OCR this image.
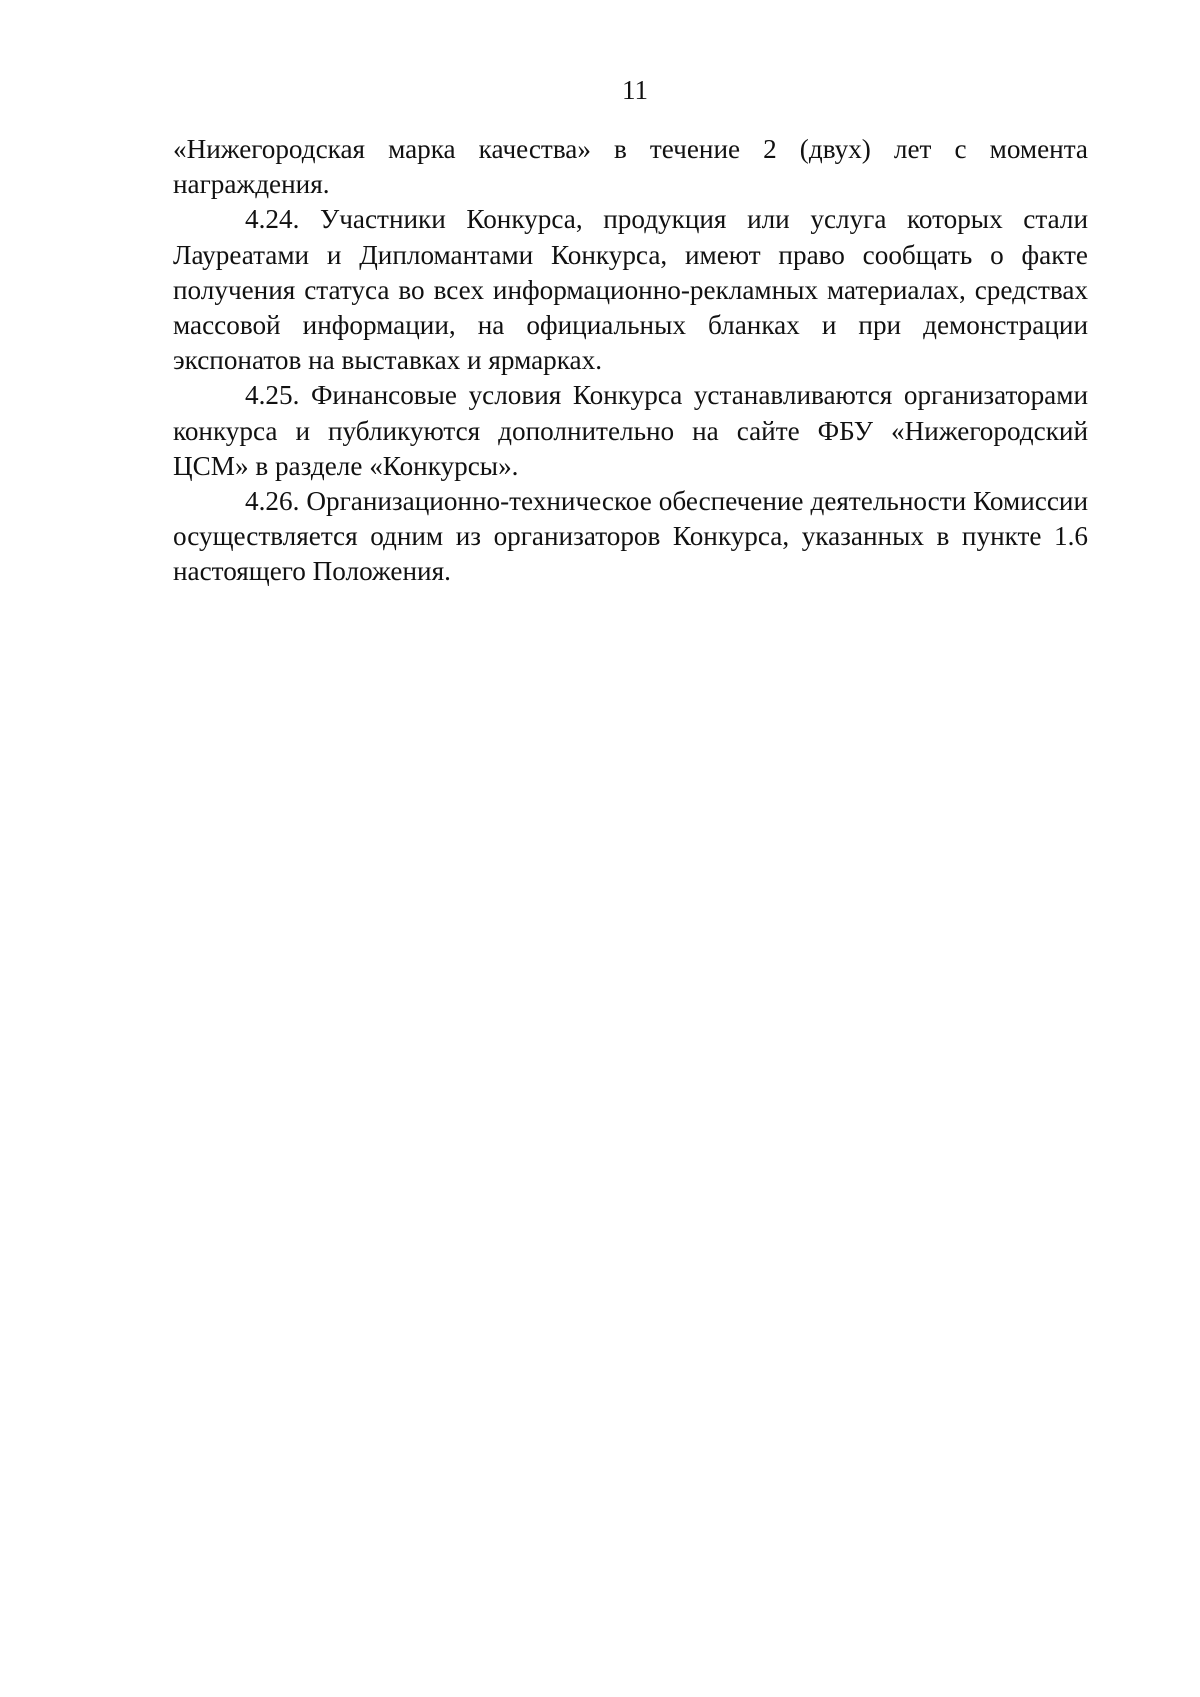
11

«Нижегородская марка качества» в течение 2 (двух) лет с момента награждения.

4.24. Участники Конкурса, продукция или услуга которых стали Лауреатами и Дипломантами Конкурса, имеют право сообщать о факте получения статуса во всех информационно-рекламных материалах, средствах массовой информации, на официальных бланках и при демонстрации экспонатов на выставках и ярмарках.

4.25. Финансовые условия Конкурса устанавливаются организаторами конкурса и публикуются дополнительно на сайте ФБУ «Нижегородский ЦСМ» в разделе «Конкурсы».

4.26. Организационно-техническое обеспечение деятельности Комиссии осуществляется одним из организаторов Конкурса, указанных в пункте 1.6 настоящего Положения.
